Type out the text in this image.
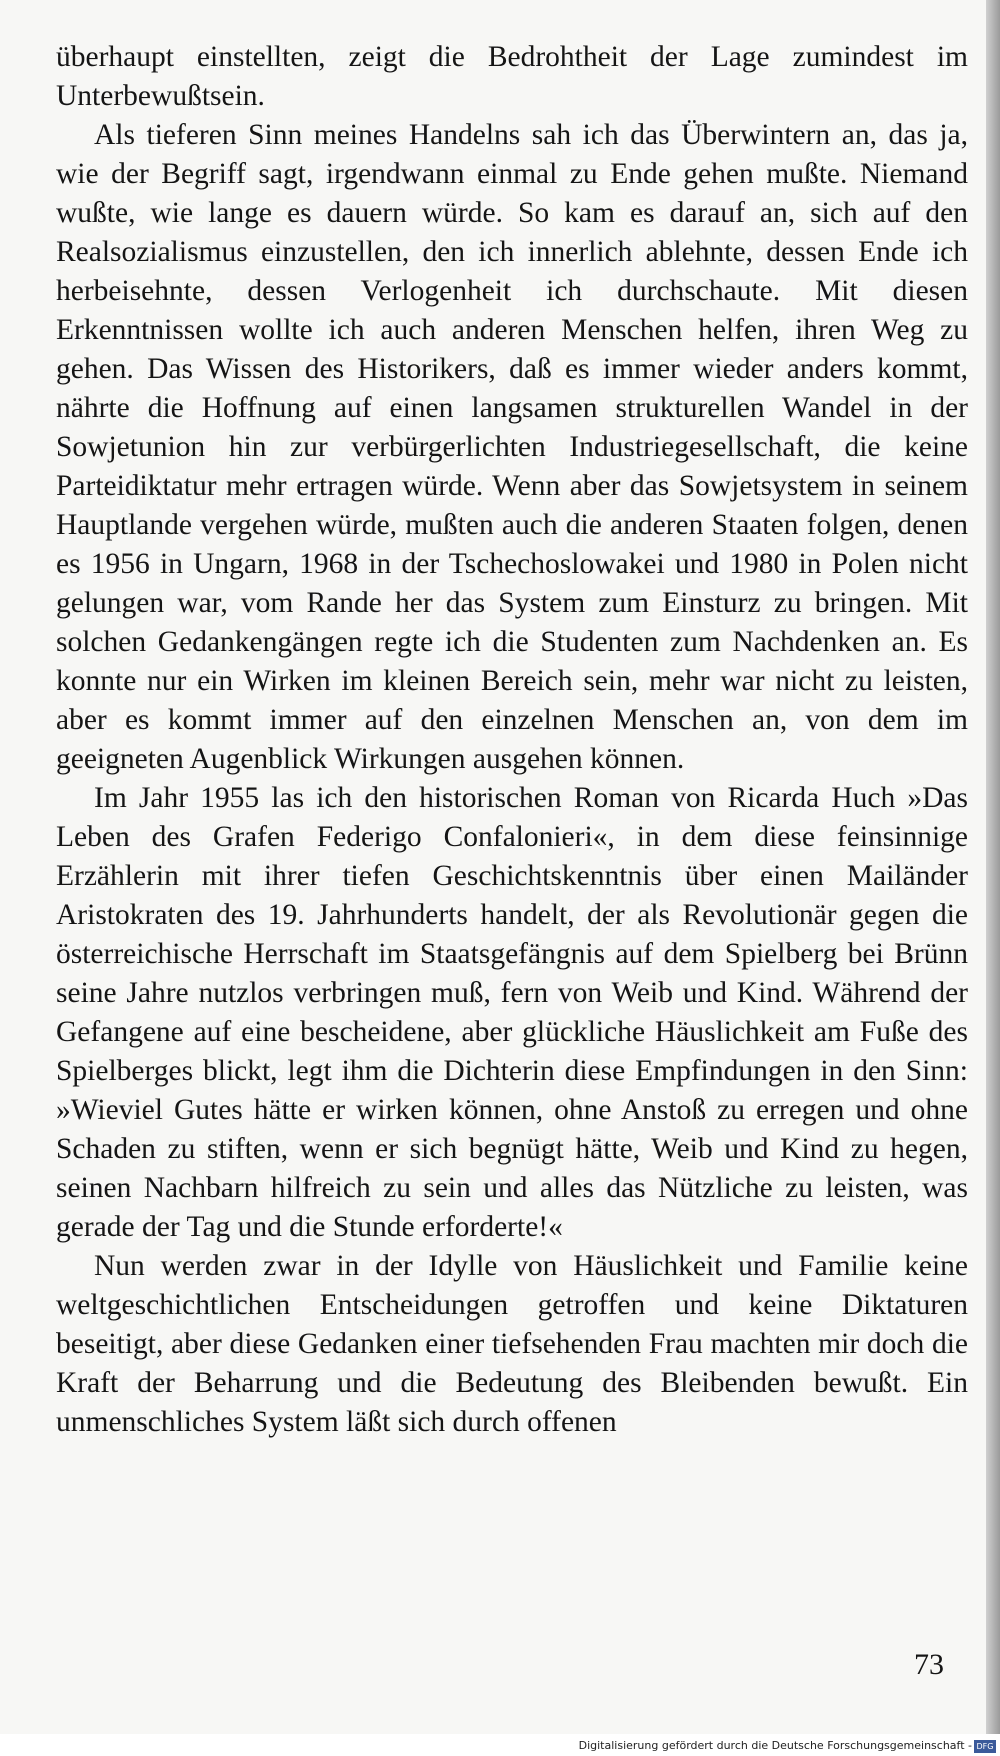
überhaupt einstellten, zeigt die Bedrohtheit der Lage zumindest im Unterbewußtsein.

Als tieferen Sinn meines Handelns sah ich das Überwintern an, das ja, wie der Begriff sagt, irgendwann einmal zu Ende gehen mußte. Niemand wußte, wie lange es dauern würde. So kam es darauf an, sich auf den Realsozialismus einzustellen, den ich innerlich ablehnte, dessen Ende ich herbeisehnte, dessen Verlogenheit ich durchschaute. Mit diesen Erkenntnissen wollte ich auch anderen Menschen helfen, ihren Weg zu gehen. Das Wissen des Historikers, daß es immer wieder anders kommt, nährte die Hoffnung auf einen langsamen strukturellen Wandel in der Sowjetunion hin zur verbürgerlichten Industriegesellschaft, die keine Parteidiktatur mehr ertragen würde. Wenn aber das Sowjetsystem in seinem Hauptlande vergehen würde, mußten auch die anderen Staaten folgen, denen es 1956 in Ungarn, 1968 in der Tschechoslowakei und 1980 in Polen nicht gelungen war, vom Rande her das System zum Einsturz zu bringen. Mit solchen Gedankengängen regte ich die Studenten zum Nachdenken an. Es konnte nur ein Wirken im kleinen Bereich sein, mehr war nicht zu leisten, aber es kommt immer auf den einzelnen Menschen an, von dem im geeigneten Augenblick Wirkungen ausgehen können.

Im Jahr 1955 las ich den historischen Roman von Ricarda Huch »Das Leben des Grafen Federigo Confalonieri«, in dem diese feinsinnige Erzählerin mit ihrer tiefen Geschichtskenntnis über einen Mailänder Aristokraten des 19. Jahrhunderts handelt, der als Revolutionär gegen die österreichische Herrschaft im Staatsgefängnis auf dem Spielberg bei Brünn seine Jahre nutzlos verbringen muß, fern von Weib und Kind. Während der Gefangene auf eine bescheidene, aber glückliche Häuslichkeit am Fuße des Spielberges blickt, legt ihm die Dichterin diese Empfindungen in den Sinn: »Wieviel Gutes hätte er wirken können, ohne Anstoß zu erregen und ohne Schaden zu stiften, wenn er sich begnügt hätte, Weib und Kind zu hegen, seinen Nachbarn hilfreich zu sein und alles das Nützliche zu leisten, was gerade der Tag und die Stunde erforderte!«

Nun werden zwar in der Idylle von Häuslichkeit und Familie keine weltgeschichtlichen Entscheidungen getroffen und keine Diktaturen beseitigt, aber diese Gedanken einer tiefsehenden Frau machten mir doch die Kraft der Beharrung und die Bedeutung des Bleibenden bewußt. Ein unmenschliches System läßt sich durch offenen

73
Digitalisierung gefördert durch die Deutsche Forschungsgemeinschaft - DFG
